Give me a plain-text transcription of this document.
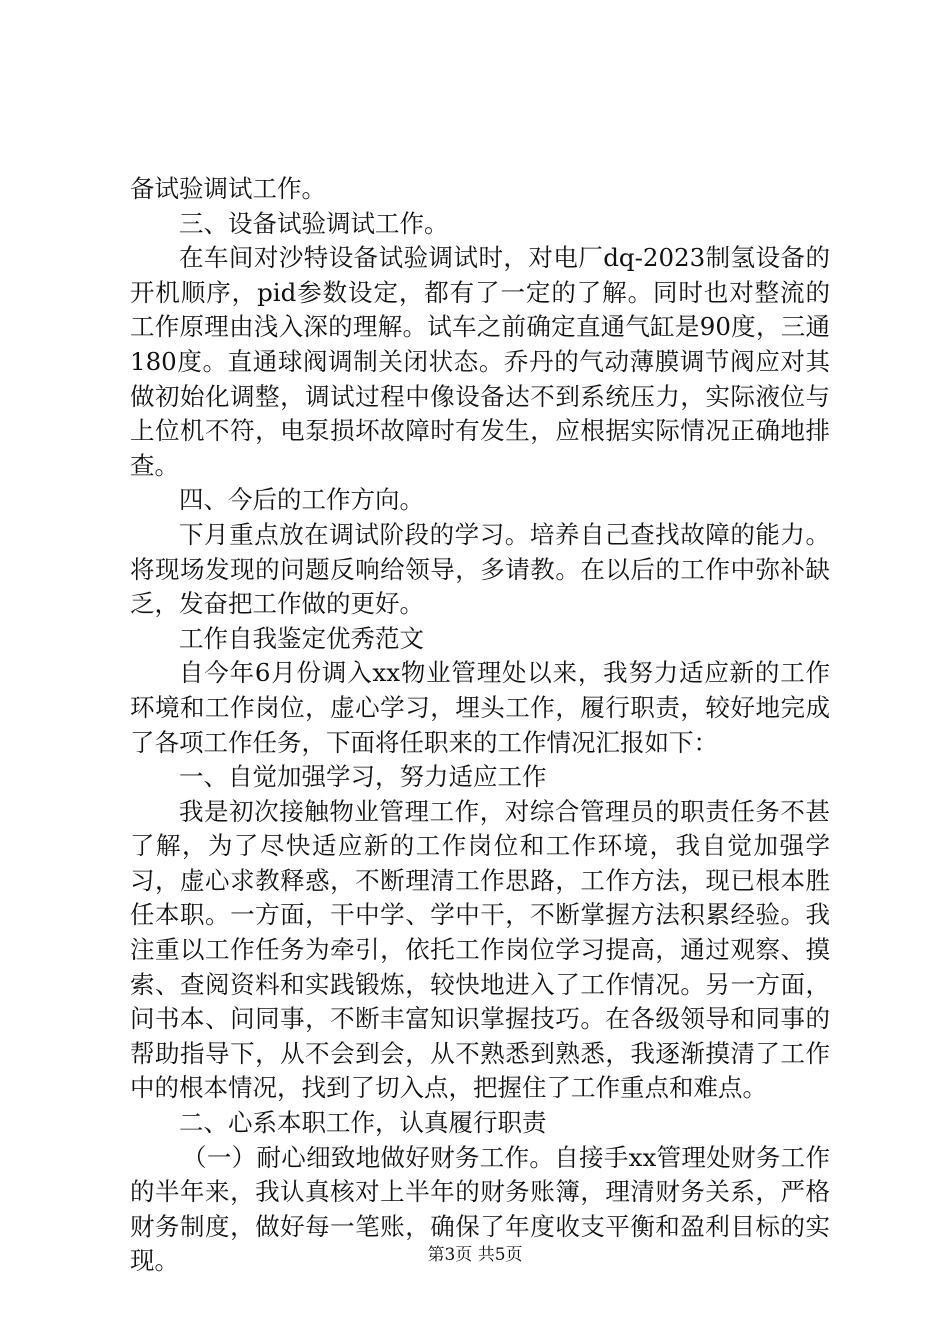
备试验调试工作。

三、设备试验调试工作。

在车间对沙特设备试验调试时，对电厂dq-2023制氢设备的开机顺序，pid参数设定，都有了一定的了解。同时也对整流的工作原理由浅入深的理解。试车之前确定直通气缸是90度，三通180度。直通球阀调制关闭状态。乔丹的气动薄膜调节阀应对其做初始化调整，调试过程中像设备达不到系统压力，实际液位与上位机不符，电泵损坏故障时有发生，应根据实际情况正确地排查。

四、今后的工作方向。

下月重点放在调试阶段的学习。培养自己查找故障的能力。将现场发现的问题反响给领导，多请教。在以后的工作中弥补缺乏，发奋把工作做的更好。

工作自我鉴定优秀范文

自今年6月份调入xx物业管理处以来，我努力适应新的工作环境和工作岗位，虚心学习，埋头工作，履行职责，较好地完成了各项工作任务，下面将任职来的工作情况汇报如下：

一、自觉加强学习，努力适应工作

我是初次接触物业管理工作，对综合管理员的职责任务不甚了解，为了尽快适应新的工作岗位和工作环境，我自觉加强学习，虚心求教释惑，不断理清工作思路，工作方法，现已根本胜任本职。一方面，干中学、学中干，不断掌握方法积累经验。我注重以工作任务为牵引，依托工作岗位学习提高，通过观察、摸索、查阅资料和实践锻炼，较快地进入了工作情况。另一方面，问书本、问同事，不断丰富知识掌握技巧。在各级领导和同事的帮助指导下，从不会到会，从不熟悉到熟悉，我逐渐摸清了工作中的根本情况，找到了切入点，把握住了工作重点和难点。

二、心系本职工作，认真履行职责

（一）耐心细致地做好财务工作。自接手xx管理处财务工作的半年来，我认真核对上半年的财务账簿，理清财务关系，严格财务制度，做好每一笔账，确保了年度收支平衡和盈利目标的实现。	第3页 共5页
